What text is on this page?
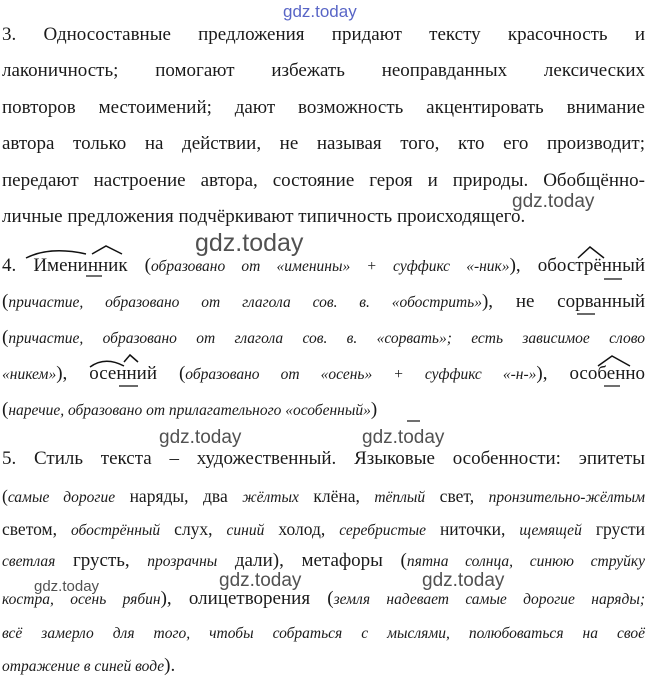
gdz.today
3. Односоставные предложения придают тексту красочность и
лаконичность; помогают избежать неоправданных лексических
повторов местоимений; дают возможность акцентировать внимание
автора только на действии, не называя того, кто его производит;
передают настроение автора, состояние героя и природы. Обобщённо-
личные предложения подчёркивают типичность происходящего.
gdz.today
gdz.today
4. Именинник (образовано от «именины» + суффикс «-ник»), обострённый
(причастие, образовано от глагола сов. в. «обострить»), не сорванный
(причастие, образовано от глагола сов. в. «сорвать»; есть зависимое слово
«никем»), осенний (образовано от «осень» + суффикс «-н-»), особенно
(наречие, образовано от прилагательного «особенный»)
gdz.today	gdz.today
5. Стиль текста – художественный. Языковые особенности: эпитеты
(самые дорогие наряды, два жёлтых клёна, тёплый свет, пронзительно-жёлтым
светом, обострённый слух, синий холод, серебристые ниточки, щемящей грусти
светлая грусть, прозрачны дали), метафоры (пятна солнца, синюю струйку
костра, осень рябин), олицетворения (земля надевает самые дорогие наряды;
всё замерло для того, чтобы собраться с мыслями, полюбоваться на своё
отражение в синей воде).
gdz.today	gdz.today	gdz.today
